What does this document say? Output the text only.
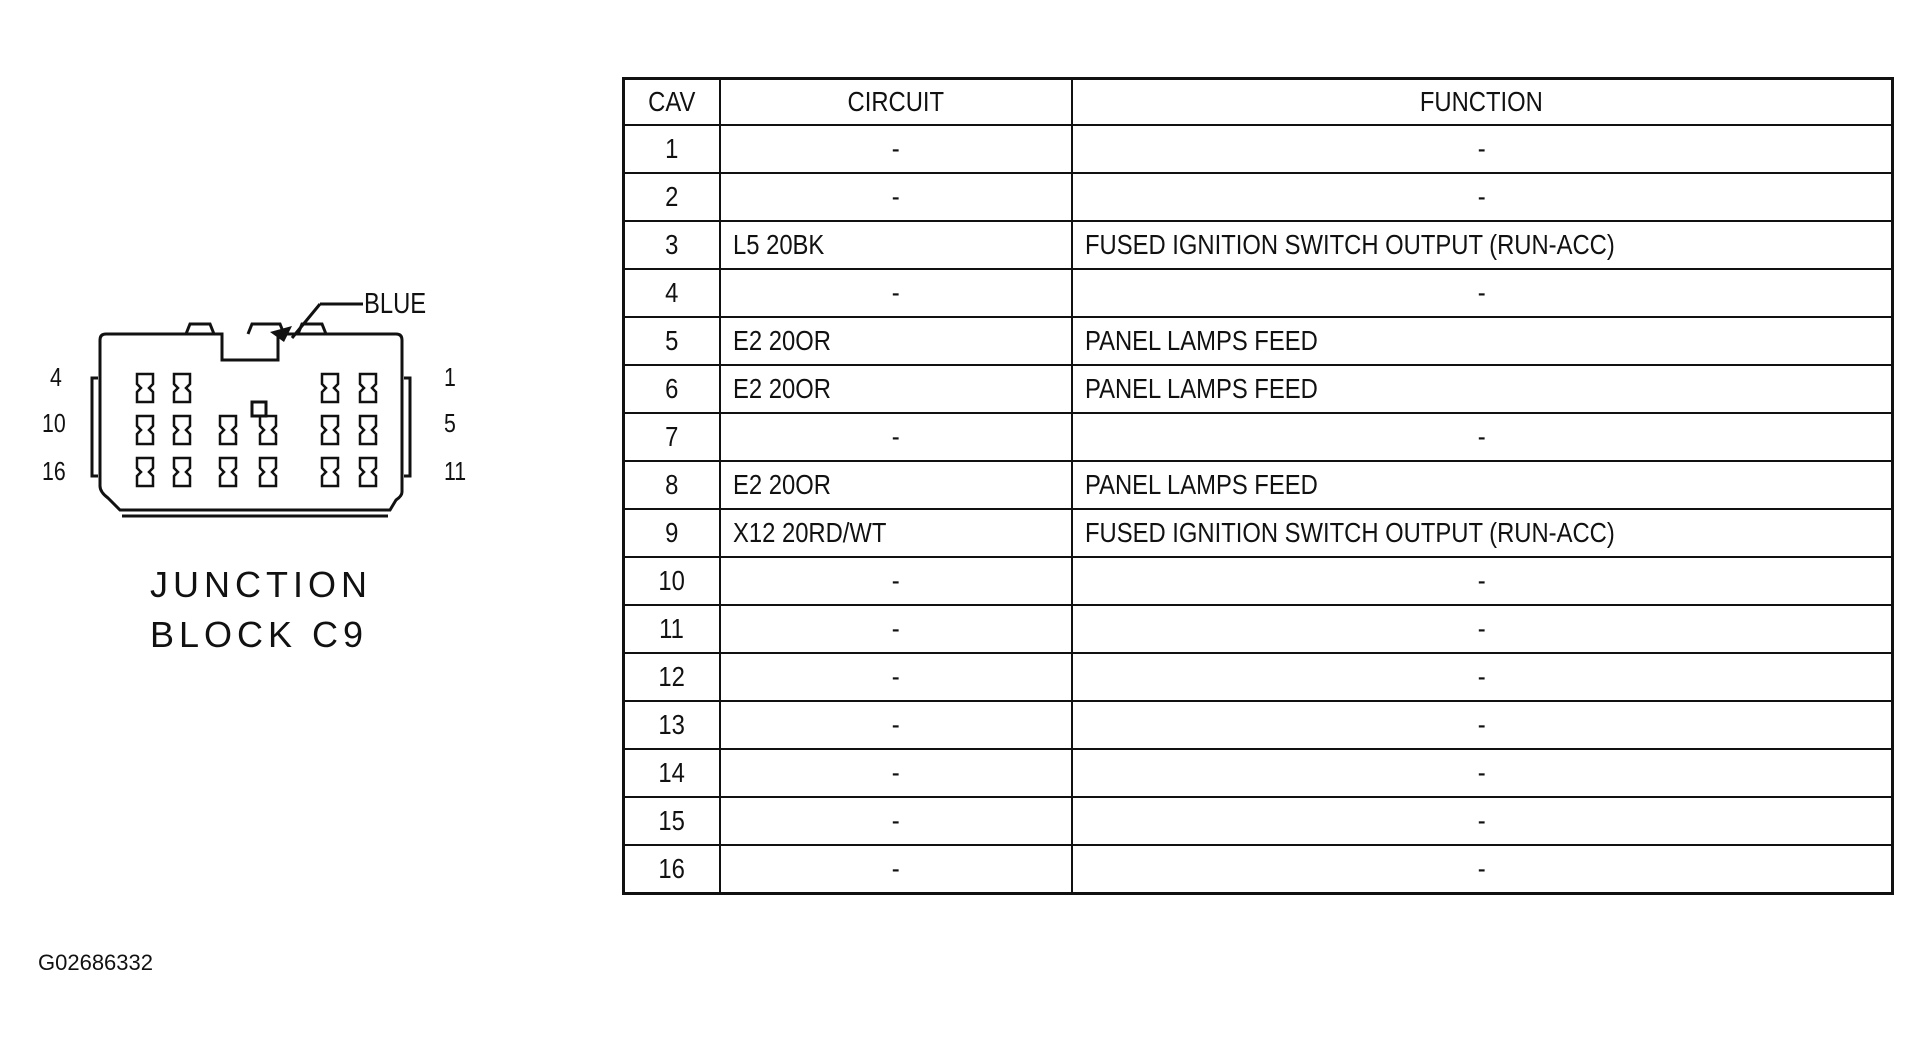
BLUE
4
10
16
1
5
11
JUNCTION
BLOCK C9
CAV	CIRCUIT	FUNCTION
1	-	-
2	-	-
3	L5 20BK	FUSED IGNITION SWITCH OUTPUT (RUN-ACC)
4	-	-
5	E2 20OR	PANEL LAMPS FEED
6	E2 20OR	PANEL LAMPS FEED
7	-	-
8	E2 20OR	PANEL LAMPS FEED
9	X12 20RD/WT	FUSED IGNITION SWITCH OUTPUT (RUN-ACC)
10	-	-
11	-	-
12	-	-
13	-	-
14	-	-
15	-	-
16	-	-
G02686332
